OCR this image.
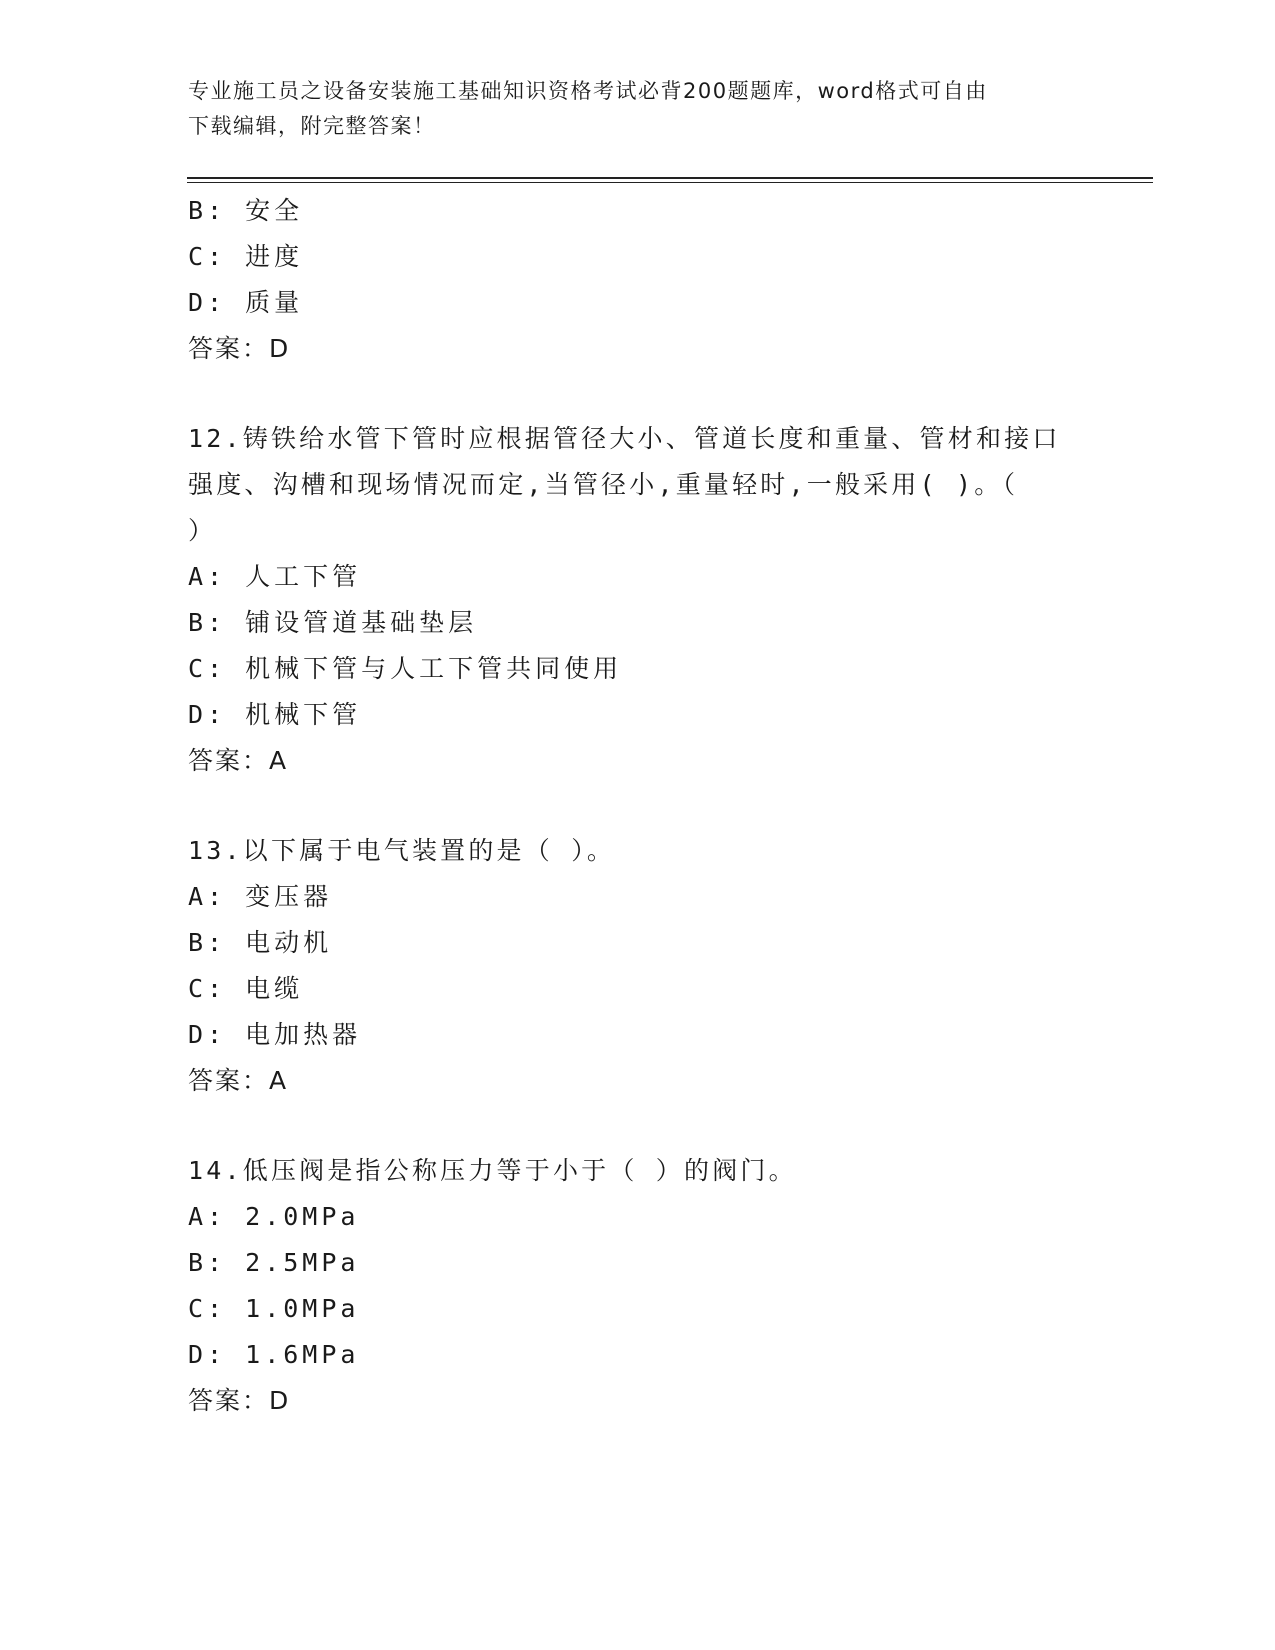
专业施工员之设备安装施工基础知识资格考试必背200题题库，word格式可自由
下载编辑，附完整答案！
B: 安全
C: 进度
D: 质量
答案：D
12.铸铁给水管下管时应根据管径大小、管道长度和重量、管材和接口
强度、沟槽和现场情况而定,当管径小,重量轻时,一般采用( )。（
）
A: 人工下管
B: 铺设管道基础垫层
C: 机械下管与人工下管共同使用
D: 机械下管
答案：A
13.以下属于电气装置的是（ ）。
A: 变压器
B: 电动机
C: 电缆
D: 电加热器
答案：A
14.低压阀是指公称压力等于小于（ ）的阀门。
A: 2.0MPa
B: 2.5MPa
C: 1.0MPa
D: 1.6MPa
答案：D
